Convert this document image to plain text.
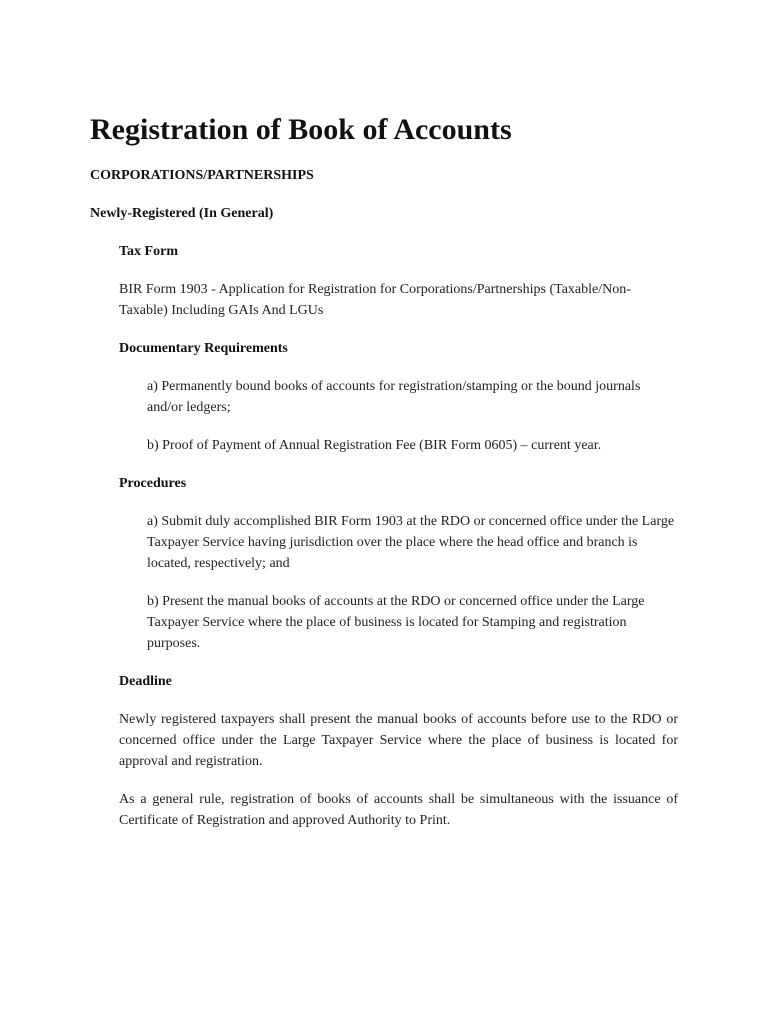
Registration of Book of Accounts
CORPORATIONS/PARTNERSHIPS
Newly-Registered (In General)
Tax Form

BIR Form 1903 - Application for Registration for Corporations/Partnerships (Taxable/Non-Taxable) Including GAIs And LGUs

Documentary Requirements

a) Permanently bound books of accounts for registration/stamping or the bound journals and/or ledgers;

b) Proof of Payment of Annual Registration Fee (BIR Form 0605) – current year.

Procedures

a) Submit duly accomplished BIR Form 1903 at the RDO or concerned office under the Large Taxpayer Service having jurisdiction over the place where the head office and branch is located, respectively; and

b) Present the manual books of accounts at the RDO or concerned office under the Large Taxpayer Service where the place of business is located for Stamping and registration purposes.

Deadline

Newly registered taxpayers shall present the manual books of accounts before use to the RDO or concerned office under the Large Taxpayer Service where the place of business is located for approval and registration.

As a general rule, registration of books of accounts shall be simultaneous with the issuance of Certificate of Registration and approved Authority to Print.
